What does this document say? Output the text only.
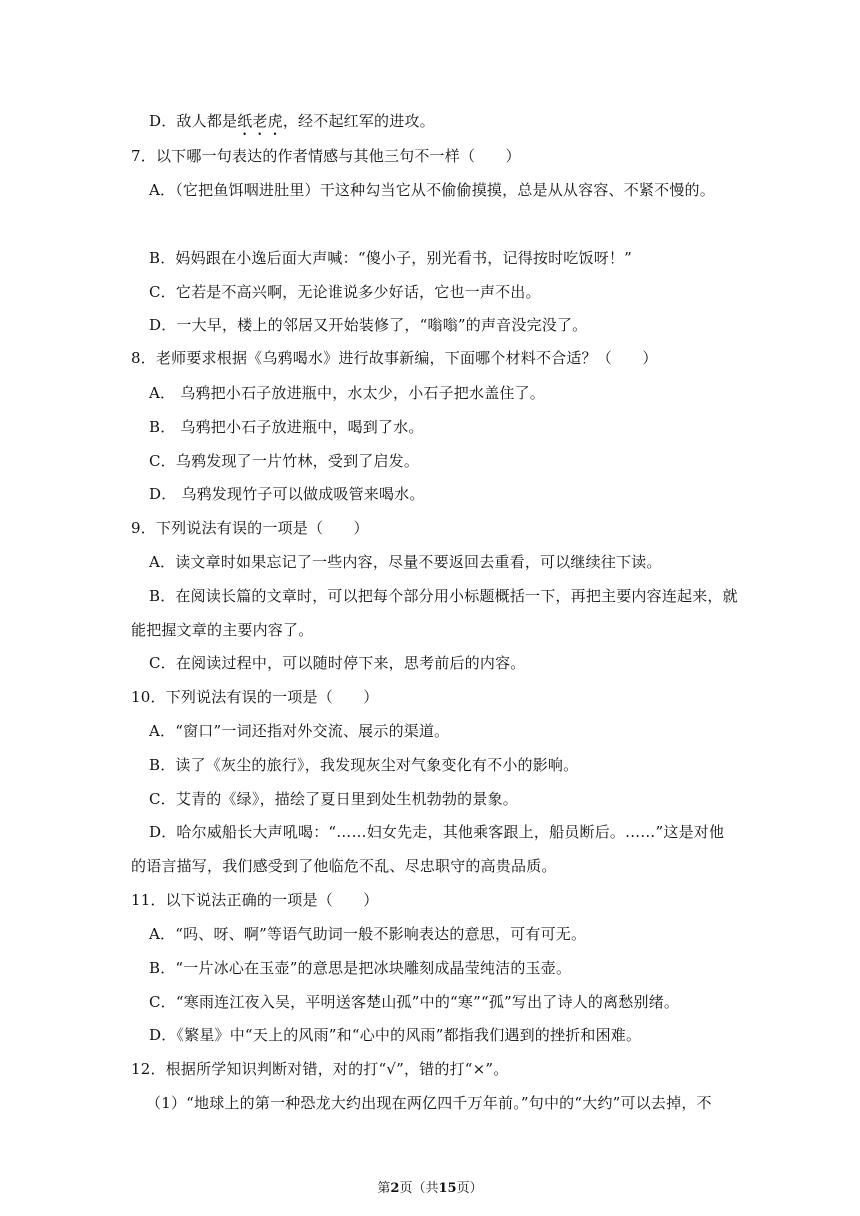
D．敌人都是纸老虎，经不起红军的进攻。
7．以下哪一句表达的作者情感与其他三句不一样（　　）
A．（它把鱼饵咽进肚里）干这种勾当它从不偷偷摸摸，总是从从容容、不紧不慢的。
B．妈妈跟在小逸后面大声喊：“傻小子，别光看书，记得按时吃饭呀！”
C．它若是不高兴啊，无论谁说多少好话，它也一声不出。
D．一大早，楼上的邻居又开始装修了，“嗡嗡”的声音没完没了。
8．老师要求根据《乌鸦喝水》进行故事新编，下面哪个材料不合适？（　　）
A． 乌鸦把小石子放进瓶中，水太少，小石子把水盖住了。
B． 乌鸦把小石子放进瓶中，喝到了水。
C．乌鸦发现了一片竹林，受到了启发。
D． 乌鸦发现竹子可以做成吸管来喝水。
9．下列说法有误的一项是（　　）
A．读文章时如果忘记了一些内容，尽量不要返回去重看，可以继续往下读。
B．在阅读长篇的文章时，可以把每个部分用小标题概括一下，再把主要内容连起来，就
能把握文章的主要内容了。
C．在阅读过程中，可以随时停下来，思考前后的内容。
10．下列说法有误的一项是（　　）
A．“窗口”一词还指对外交流、展示的渠道。
B．读了《灰尘的旅行》，我发现灰尘对气象变化有不小的影响。
C．艾青的《绿》，描绘了夏日里到处生机勃勃的景象。
D．哈尔威船长大声吼喝：“……妇女先走，其他乘客跟上，船员断后。……”这是对他
的语言描写，我们感受到了他临危不乱、尽忠职守的高贵品质。
11．以下说法正确的一项是（　　）
A．“吗、呀、啊”等语气助词一般不影响表达的意思，可有可无。
B．“一片冰心在玉壶”的意思是把冰块雕刻成晶莹纯洁的玉壶。
C．“寒雨连江夜入吴，平明送客楚山孤”中的“寒”“孤”写出了诗人的离愁别绪。
D．《繁星》中“天上的风雨”和“心中的风雨”都指我们遇到的挫折和困难。
12．根据所学知识判断对错，对的打“√”，错的打“×”。
（1）“地球上的第一种恐龙大约出现在两亿四千万年前。”句中的“大约”可以去掉，不
第2页（共15页）
